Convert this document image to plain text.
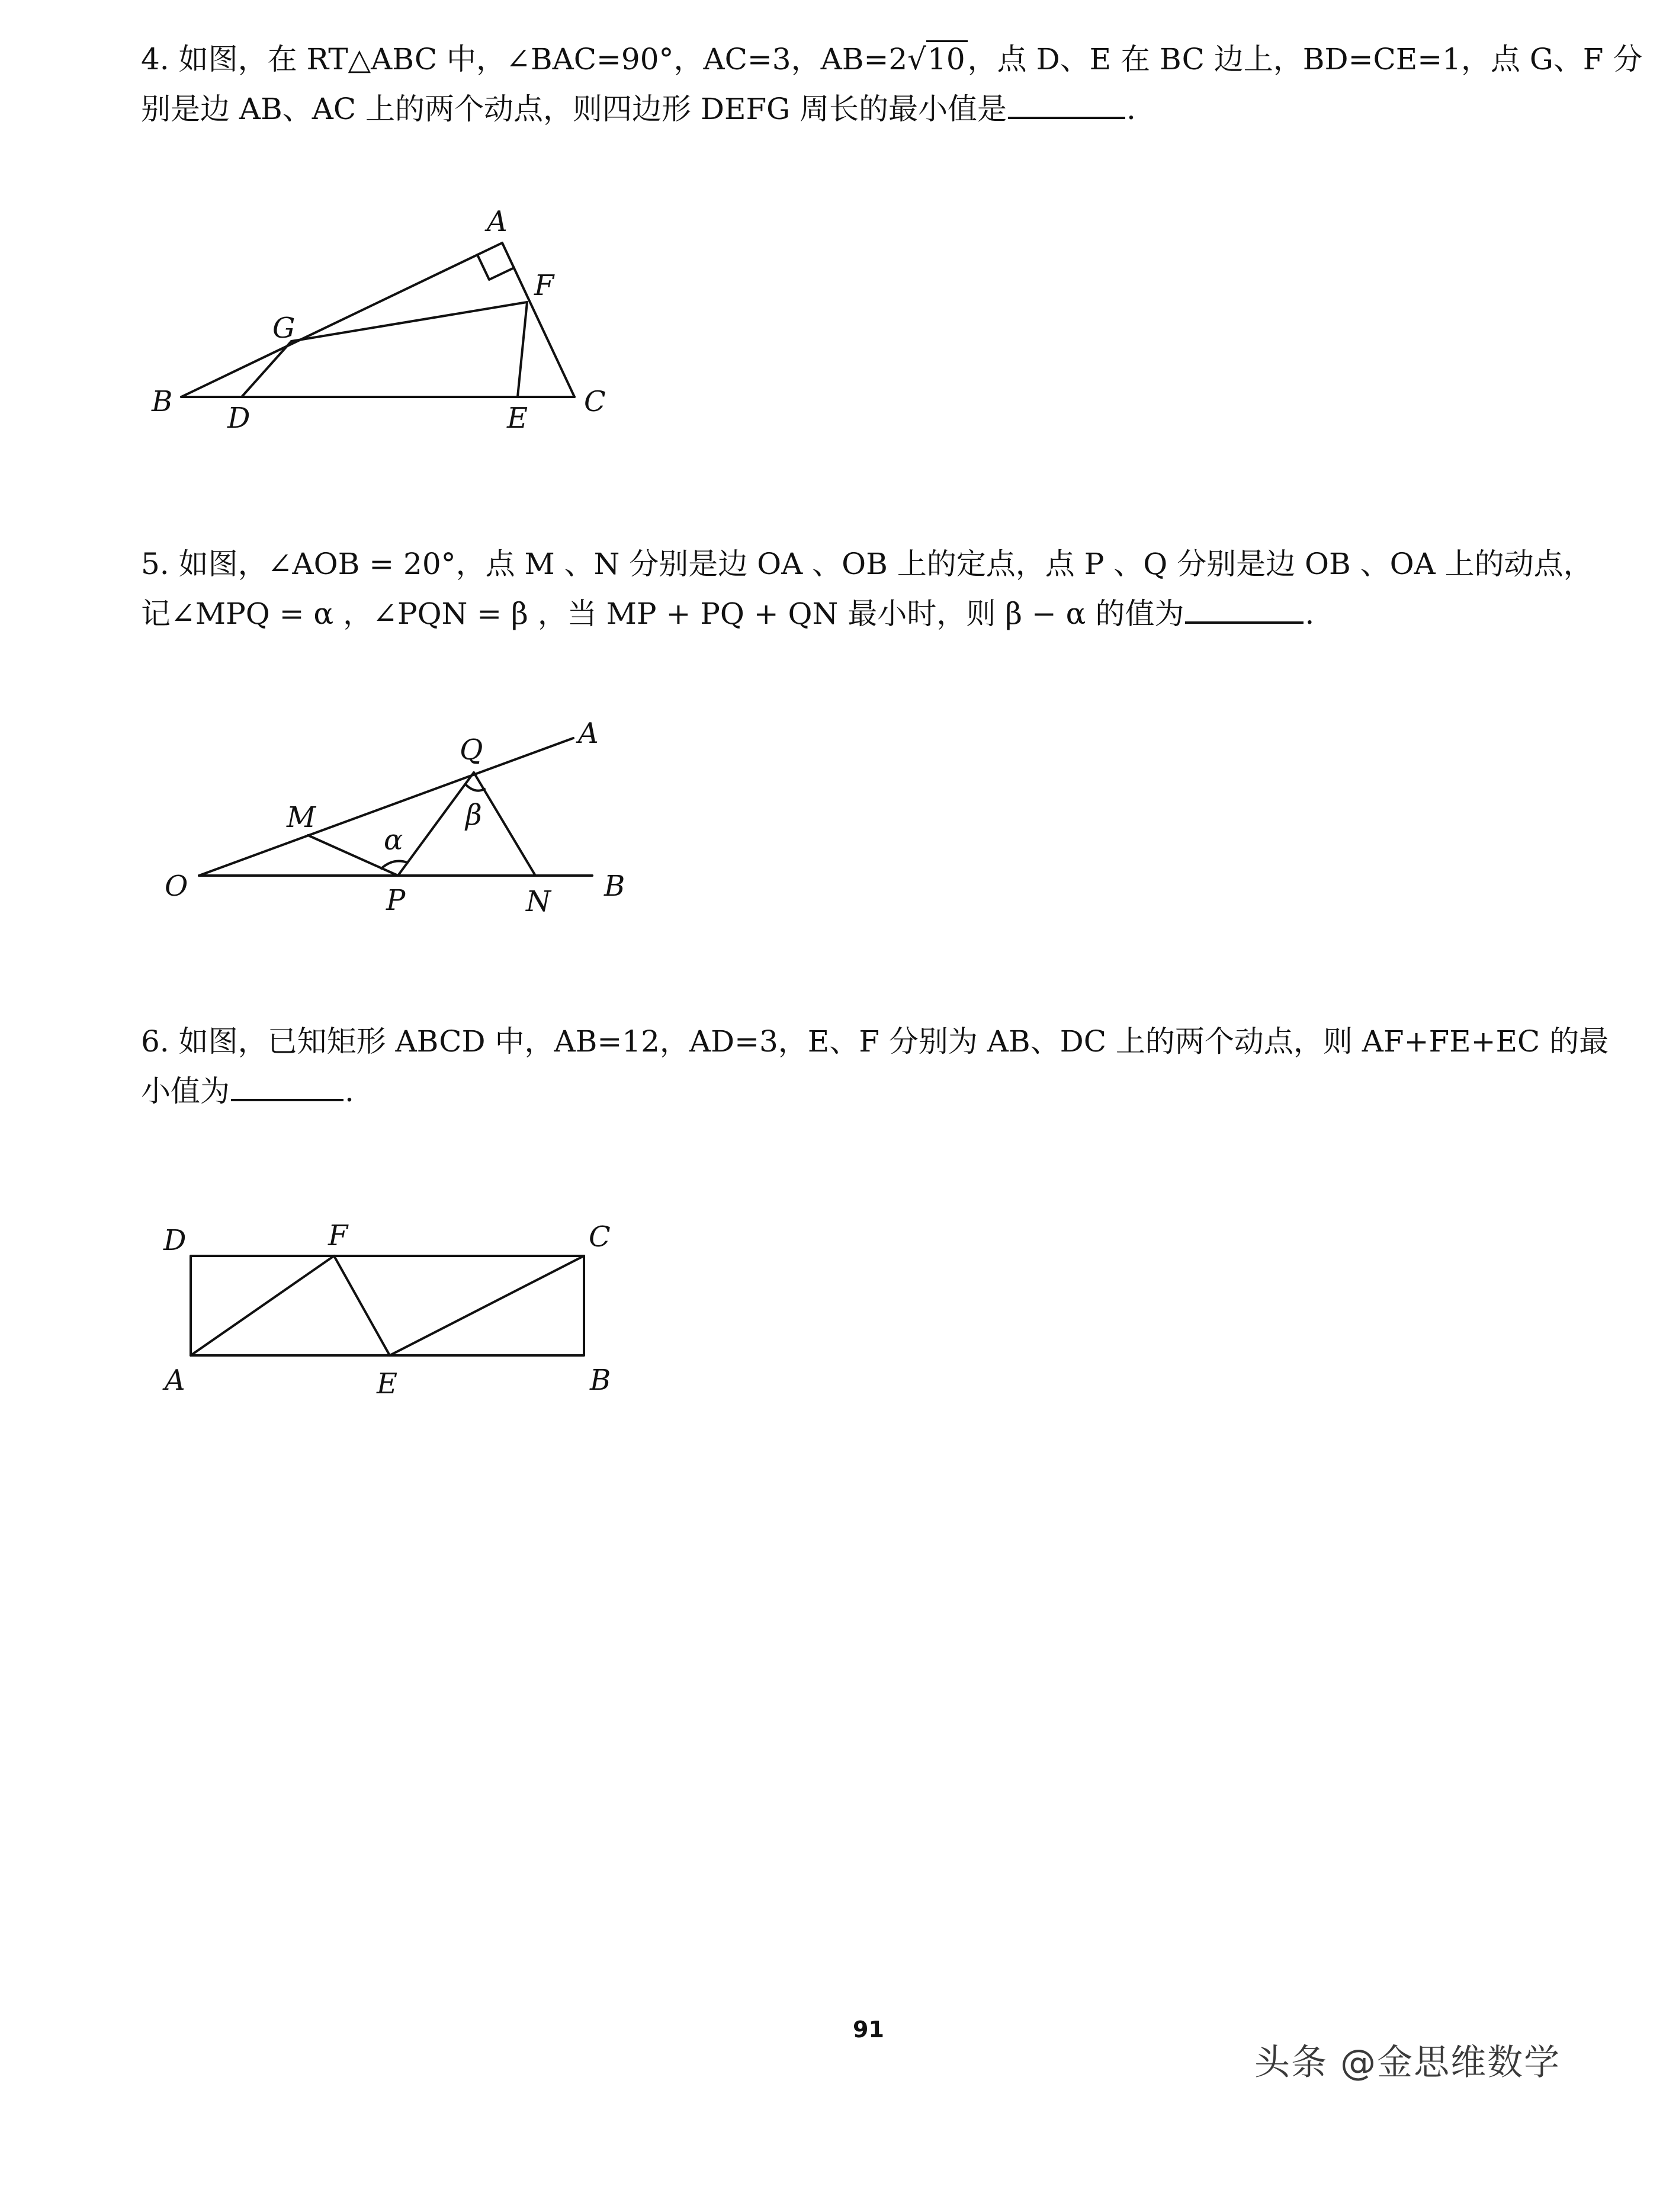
4. 如图，在 RT△ABC 中，∠BAC=90°，AC=3，AB=2√10，点 D、E 在 BC 边上，BD=CE=1，点 G、F 分
别是边 AB、AC 上的两个动点，则四边形 DEFG 周长的最小值是	.
A
B	C
D	E
F
G
5. 如图，∠AOB = 20°，点 M 、N 分别是边 OA 、OB 上的定点，点 P 、Q 分别是边 OB 、OA 上的动点，
记∠MPQ = α ，∠PQN = β ，当 MP + PQ + QN 最小时，则 β − α 的值为	.
O
A
B
M
N
P
Q
α
β
6. 如图，已知矩形 ABCD 中，AB=12，AD=3，E、F 分别为 AB、DC 上的两个动点，则 AF+FE+EC 的最
小值为	.
D	F	C
A	E	B
91
头条 @金思维数学
